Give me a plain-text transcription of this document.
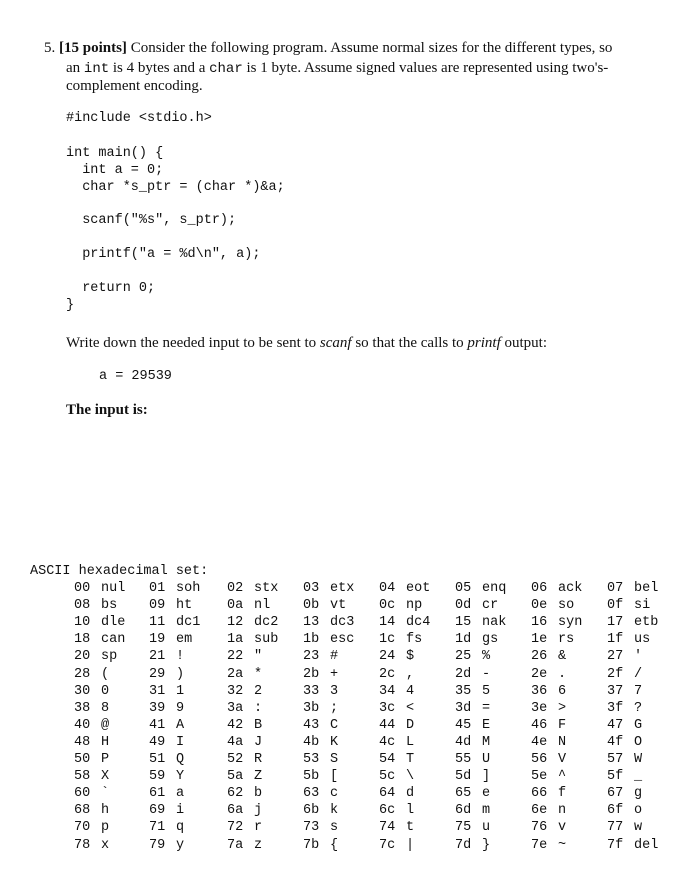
5. [15 points] Consider the following program. Assume normal sizes for the different types, so
an int is 4 bytes and a char is 1 byte. Assume signed values are represented using two's-
complement encoding.
#include <stdio.h>
int main() {
int a = 0;
char *s_ptr = (char *)&a;
scanf("%s", s_ptr);
printf("a = %d\n", a);
return 0;
}
Write down the needed input to be sent to scanf so that the calls to printf output:
a = 29539
The input is:
ASCII hexadecimal set:
00 nul 01 soh 02 stx 03 etx 04 eot 05 enq 06 ack 07 bel
08 bs 09 ht	0a nl 0b vt 0c np 0d cr 0e so 0f si
10 dle 11 dc1 12 dc2 13 dc3 14 dc4 15 nak 16 syn 17 etb
18 can 19 em	1a sub 1b esc 1c fs 1d gs 1e rs 1f us
20 sp 21 !	22 "	23 #	24 $	25 %	26 &	27 '
28 (	29 )	2a *	2b +	2c ,	2d -	2e .	2f /
30 0	31 1	32 2	33 3	34 4	35 5	36 6	37 7
38 8	39 9	3a :	3b ;	3c <	3d =	3e >	3f ?
40 @	41 A	42 B	43 C	44 D	45 E	46 F	47 G
48 H	49 I	4a J	4b K	4c L	4d M	4e N	4f O
50 P	51 Q	52 R	53 S	54 T	55 U	56 V	57 W
58 X	59 Y	5a Z	5b [	5c \	5d ]	5e ^	5f _
60 `	61 a	62 b	63 c	64 d	65 e	66 f	67 g
68 h	69 i	6a j	6b k	6c l	6d m	6e n	6f o
70 p	71 q	72 r	73 s	74 t	75 u	76 v	77 w
78 x	79 y	7a z	7b {	7c |	7d }	7e ~	7f del
